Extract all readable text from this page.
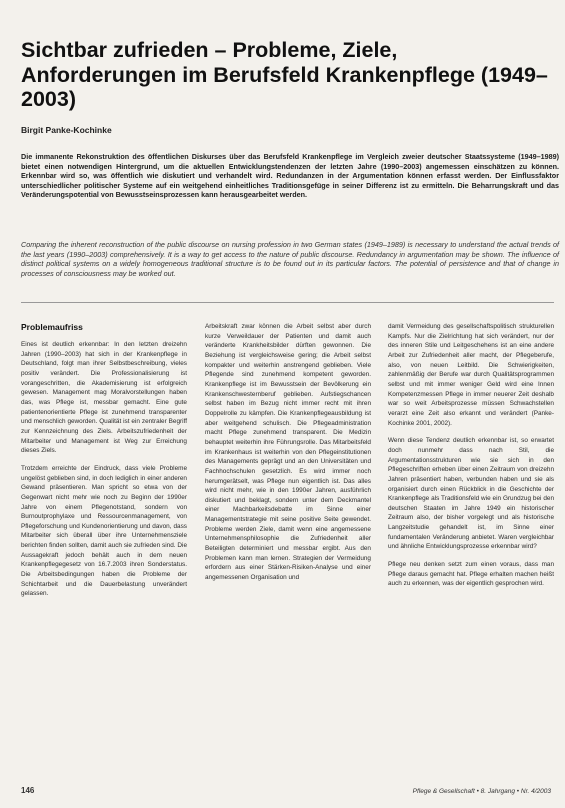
Sichtbar zufrieden – Probleme, Ziele, Anforderungen im Berufsfeld Krankenpflege (1949–2003)
Birgit Panke-Kochinke

Die immanente Rekonstruktion des öffentlichen Diskurses über das Berufsfeld Krankenpflege im Vergleich zweier deutscher Staatssysteme (1949–1989) bietet einen notwendigen Hintergrund, um die aktuellen Entwicklungstendenzen der letzten Jahre (1990–2003) angemessen einschätzen zu können. Erkennbar wird so, was öffentlich wie diskutiert und verhandelt wird. Redundanzen in der Argumentation können erfasst werden. Der Einflussfaktor unterschiedlicher politischer Systeme auf ein weitgehend einheitliches Traditionsgefüge in seiner Differenz ist zu ermitteln. Die Beharrungskraft und das Veränderungspotential von Bewusstseinsprozessen kann herausgearbeitet werden.

Comparing the inherent reconstruction of the public discourse on nursing profession in two German states (1949–1989) is necessary to understand the actual trends of the last years (1990–2003) comprehensively. It is a way to get access to the nature of public discourse. Redundancy in argumentation may be shown. The influence of distinct political systems on a widely homogeneous traditional structure is to be found out in its particular factors. The potential of persistence and that of change in processes of consciousness may be worked out.

Problemaufriss

Eines ist deutlich erkennbar: In den letzten dreizehn Jahren (1990–2003) hat sich in der Krankenpflege in Deutschland, folgt man ihrer Selbstbeschreibung, vieles positiv verändert. Die Professionalisierung ist vorangeschritten, die Akademisierung ist erfolgreich gewesen. Management mag Moralvorstellungen haben das, was Pflege ist, messbar gemacht. Eine gute patientenorientierte Pflege ist zunehmend transparenter und menschlich geworden. Qualität ist ein zentraler Begriff zur Kennzeichnung des Ziels. Arbeitszufriedenheit der Mitarbeiter und Management ist Weg zur Erreichung dieses Ziels.

Trotzdem erreichte der Eindruck, dass viele Probleme ungelöst geblieben sind, in doch lediglich in einer anderen Gewand präsentieren. Man spricht so etwa von der Gegenwart nicht mehr wie noch zu Beginn der 1990er Jahre von einem Pflegenotstand, sondern von Burnoutprophylaxe und Ressourcenmanagement, von Pflegeforschung und Kundenorientierung und davon, dass Mitarbeiter sich überall über ihre Unternehmensziele berichten finden sollten, damit auch sie zufrieden sind. Die Aussagekraft jedoch behält auch in dem neuen Krankenpflegegesetz von 16.7.2003 ihren Sonderstatus. Die Arbeitsbedingungen haben die Probleme der Schichtarbeit und die Dauerbelastung unverändert gelassen.

Arbeitskraft zwar können die Arbeit selbst aber durch kurze Verweildauer der Patienten und damit auch veränderte Krankheitsbilder dürften gewonnen. Die Beziehung ist vergleichsweise gering; die Arbeit selbst kompakter und weiterhin anstrengend geblieben. Viele Pflegende sind zunehmend kompetent geworden. Krankenpflege ist im Bewusstsein der Bevölkerung ein Krankenschwesternberuf geblieben. Aufstiegschancen selbst haben im Bezug nicht immer recht mit ihren Doppelrolle zu kämpfen. Die Krankenpflegeausbildung ist aber weitgehend schulisch. Die Pflegeadministration macht Pflege zunehmend transparent. Die Medizin behauptet weiterhin ihre Führungsrolle. Das Mitarbeitsfeld im Krankenhaus ist weiterhin von den Pflegeinstitutionen des Managements geprägt und an den Universitäten und Fachhochschulen gesetzlich. Es wird immer noch herumgerätselt, was Pflege nun eigentlich ist. Das alles wird nicht mehr, wie in den 1990er Jahren, ausführlich diskutiert und beklagt, sondern unter dem Deckmantel einer Machbarkeitsdebatte im Sinne einer Managementstrategie mit seine positive Seite gewendet. Probleme werden Ziele, damit wenn eine angemessene Unternehmensphilosophie die Zufriedenheit aller Beteiligten determiniert und messbar ergibt. Aus den Problemen kann man lernen. Strategien der Vermeidung erfordern aus einer Stärken-Risiken-Analyse und einer angemessenen Organisation und

damit Vermeidung des gesellschaftspolitisch strukturellen Kampfs. Nur die Zielrichtung hat sich verändert, nur der des inneren Stile und Leitgeschehens ist an eine andere Arbeit zur Zufriedenheit aller macht, der Pflegeberufe, also, von neuen Leitbild. Die Schwierigkeiten, zahlenmäßig der Berufe war durch Qualitätsprogrammen selbst und mit immer weniger Geld wird eine Innen Kompetenzmessen Pflege in immer neuerer Zeit deshalb war so weit Arbeitsprozesse müssen Schwachstellen verarzt eine Zeit also erkannt und verändert (Panke-Kochinke 2001, 2002).

Wenn diese Tendenz deutlich erkennbar ist, so erwartet doch nunmehr dass nach Stil, die Argumentationsstrukturen wie sie sich in den Pflegeschriften erheben über einen Zeitraum von dreizehn Jahren präsentiert haben, verbunden haben und sie als organisiert durch einen Rückblick in die Geschichte der Krankenpflege als Traditionsfeld wie ein Grundzug bei den deutschen Staaten im Jahre 1949 ein historischer Zeitraum also, der bisher vorgelegt und als historische Langzeitstudie gehandelt ist, im Sinne einer fundamentalen Veränderung anbietet. Waren vergleichbar und ähnliche Entwicklungsprozesse erkennbar wird?

Pflege neu denken setzt zum einen voraus, dass man Pflege daraus gemacht hat. Pflege erhalten machen heißt auch zu erkennen, was der eigentlich gesprochen wird.

146	Pflege & Gesellschaft • 8. Jahrgang • Nr. 4/2003
